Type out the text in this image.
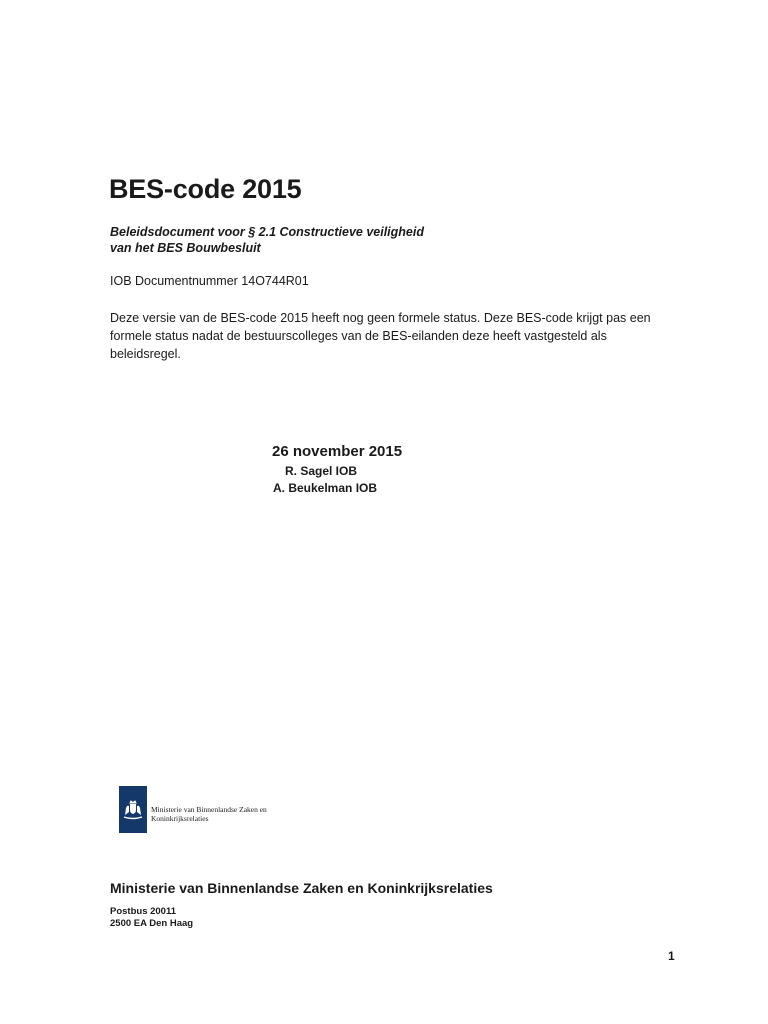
BES-code 2015
Beleidsdocument voor § 2.1 Constructieve veiligheid
van het BES Bouwbesluit
IOB Documentnummer 14O744R01
Deze versie van de BES-code 2015 heeft nog geen formele status. Deze BES-code krijgt pas een
formele status nadat de bestuurscolleges van de BES-eilanden deze heeft vastgesteld als
beleidsregel.
26 november 2015
R. Sagel IOB
A. Beukelman IOB
Ministerie van Binnenlandse Zaken en
Koninkrijksrelaties
Ministerie van Binnenlandse Zaken en Koninkrijksrelaties
Postbus 20011
2500 EA Den Haag
1
